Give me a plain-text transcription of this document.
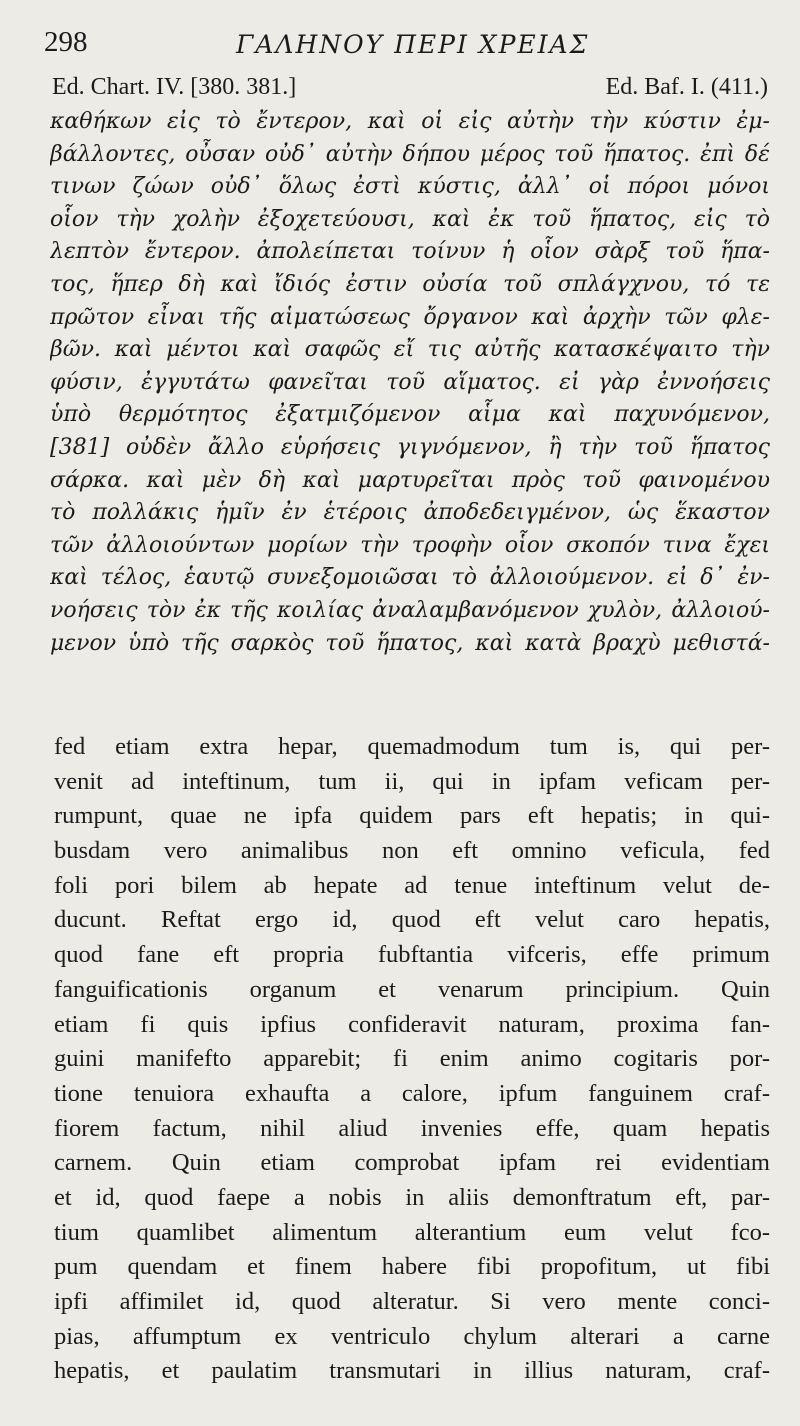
298	ΓΑΛΗΝΟΥ ΠΕΡΙ ΧΡΕΙΑΣ
Ed. Chart. IV. [380. 381.]	Ed. Baf. I. (411.)
καθήκων εἰς τὸ ἔντερον, καὶ οἱ εἰς αὐτὴν τὴν κύστιν ἐμ-
βάλλοντες, οὖσαν οὐδ᾽ αὐτὴν δήπου μέρος τοῦ ἥπατος. ἐπὶ δέ
τινων ζώων οὐδ᾽ ὅλως ἐστὶ κύστις, ἀλλ᾽ οἱ πόροι μόνοι
οἷον τὴν χολὴν ἐξοχετεύουσι, καὶ ἐκ τοῦ ἥπατος, εἰς τὸ
λεπτὸν ἔντερον. ἀπολείπεται τοίνυν ἡ οἷον σὰρξ τοῦ ἥπα-
τος, ἥπερ δὴ καὶ ἴδιός ἐστιν οὐσία τοῦ σπλάγχνου, τό τε
πρῶτον εἶναι τῆς αἱματώσεως ὄργανον καὶ ἀρχὴν τῶν φλε-
βῶν. καὶ μέντοι καὶ σαφῶς εἴ τις αὐτῆς κατασκέψαιτο τὴν
φύσιν, ἐγγυτάτω φανεῖται τοῦ αἵματος. εἰ γὰρ ἐννοήσεις
ὑπὸ θερμότητος ἐξατμιζόμενον αἷμα καὶ παχυνόμενον,
[381] οὐδὲν ἄλλο εὑρήσεις γιγνόμενον, ἢ τὴν τοῦ ἥπατος
σάρκα. καὶ μὲν δὴ καὶ μαρτυρεῖται πρὸς τοῦ φαινομένου
τὸ πολλάκις ἡμῖν ἐν ἑτέροις ἀποδεδειγμένον, ὡς ἕκαστον
τῶν ἀλλοιούντων μορίων τὴν τροφὴν οἷον σκοπόν τινα ἔχει
καὶ τέλος, ἑαυτῷ συνεξομοιῶσαι τὸ ἀλλοιούμενον. εἰ δ᾽ ἐν-
νοήσεις τὸν ἐκ τῆς κοιλίας ἀναλαμβανόμενον χυλὸν, ἀλλοιού-
μενον ὑπὸ τῆς σαρκὸς τοῦ ἥπατος, καὶ κατὰ βραχὺ μεθιστά-
fed etiam extra hepar, quemadmodum tum is, qui per-
venit ad inteftinum, tum ii, qui in ipfam veficam per-
rumpunt, quae ne ipfa quidem pars eft hepatis; in qui-
busdam vero animalibus non eft omnino veficula, fed
foli pori bilem ab hepate ad tenue inteftinum velut de-
ducunt. Reftat ergo id, quod eft velut caro hepatis,
quod fane eft propria fubftantia vifceris, effe primum
fanguificationis organum et venarum principium. Quin
etiam fi quis ipfius confideravit naturam, proxima fan-
guini manifefto apparebit; fi enim animo cogitaris por-
tione tenuiora exhaufta a calore, ipfum fanguinem craf-
fiorem factum, nihil aliud invenies effe, quam hepatis
carnem. Quin etiam comprobat ipfam rei evidentiam
et id, quod faepe a nobis in aliis demonftratum eft, par-
tium quamlibet alimentum alterantium eum velut fco-
pum quendam et finem habere fibi propofitum, ut fibi
ipfi affimilet id, quod alteratur. Si vero mente conci-
pias, affumptum ex ventriculo chylum alterari a carne
hepatis, et paulatim transmutari in illius naturam, craf-
